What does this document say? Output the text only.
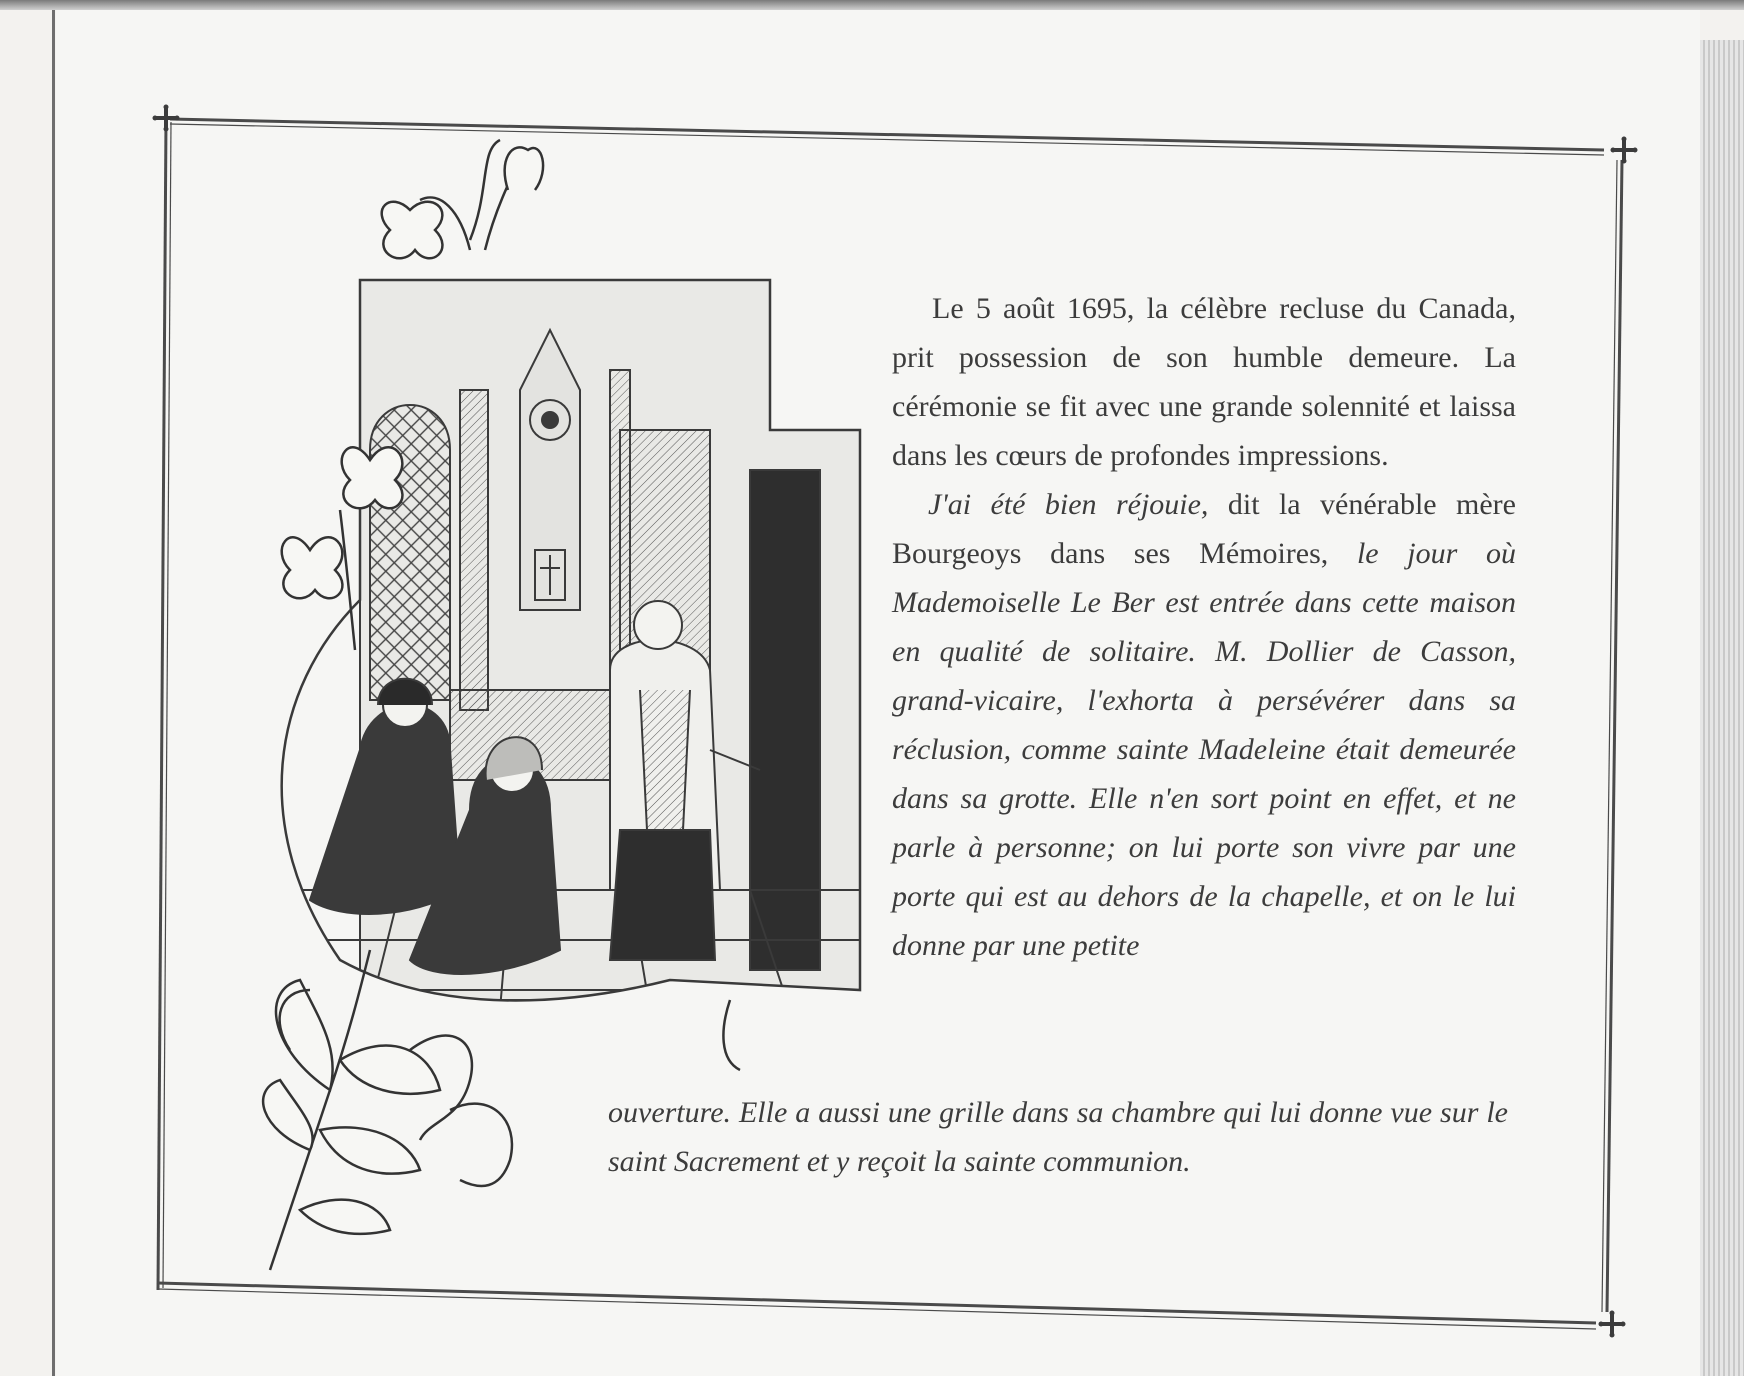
Le 5 août 1695, la célèbre recluse du Canada, prit possession de son humble demeure. La cérémonie se fit avec une grande solennité et laissa dans les cœurs de profondes impressions.

J'ai été bien réjouie, dit la vénérable mère Bourgeoys dans ses Mémoires, le jour où Mademoiselle Le Ber est entrée dans cette maison en qualité de solitaire. M. Dollier de Casson, grand-vicaire, l'exhorta à persévérer dans sa réclusion, comme sainte Madeleine était demeurée dans sa grotte. Elle n'en sort point en effet, et ne parle à personne; on lui porte son vivre par une porte qui est au dehors de la chapelle, et on le lui donne par une petite

ouverture. Elle a aussi une grille dans sa chambre qui lui donne vue sur le saint Sacrement et y reçoit la sainte communion.
